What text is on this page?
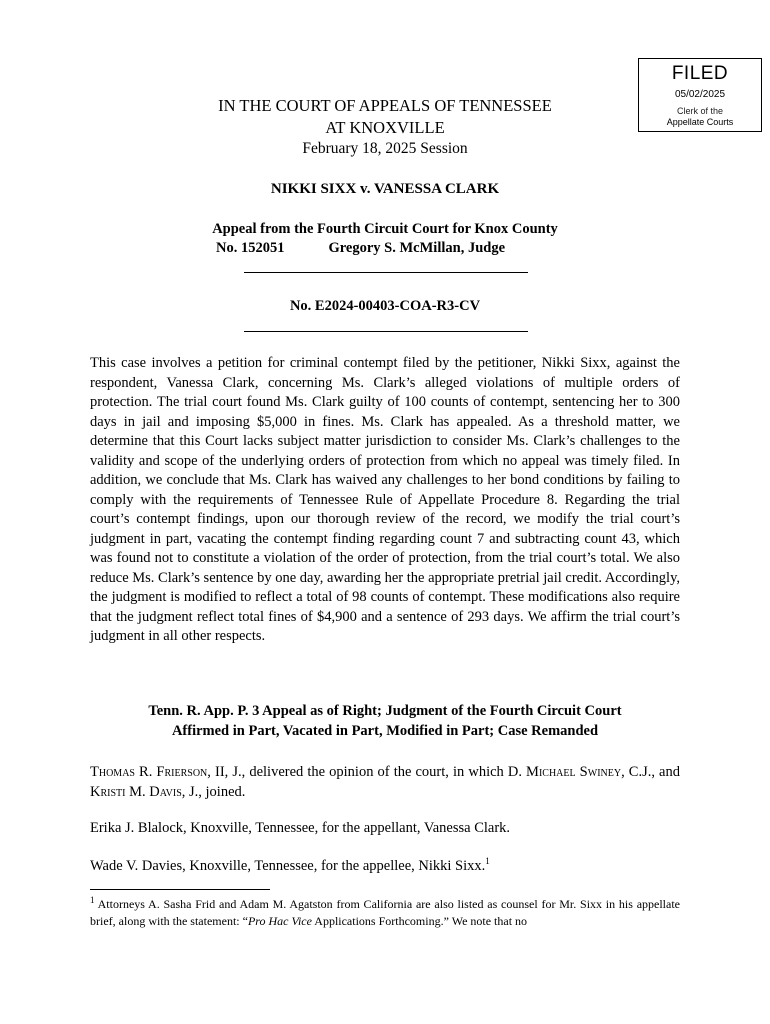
FILED
05/02/2025
Clerk of the
Appellate Courts
IN THE COURT OF APPEALS OF TENNESSEE
AT KNOXVILLE
February 18, 2025 Session
NIKKI SIXX v. VANESSA CLARK
Appeal from the Fourth Circuit Court for Knox County
No. 152051	Gregory S. McMillan, Judge
No. E2024-00403-COA-R3-CV

This case involves a petition for criminal contempt filed by the petitioner, Nikki Sixx, against the respondent, Vanessa Clark, concerning Ms. Clark’s alleged violations of multiple orders of protection. The trial court found Ms. Clark guilty of 100 counts of contempt, sentencing her to 300 days in jail and imposing $5,000 in fines. Ms. Clark has appealed. As a threshold matter, we determine that this Court lacks subject matter jurisdiction to consider Ms. Clark’s challenges to the validity and scope of the underlying orders of protection from which no appeal was timely filed. In addition, we conclude that Ms. Clark has waived any challenges to her bond conditions by failing to comply with the requirements of Tennessee Rule of Appellate Procedure 8. Regarding the trial court’s contempt findings, upon our thorough review of the record, we modify the trial court’s judgment in part, vacating the contempt finding regarding count 7 and subtracting count 43, which was found not to constitute a violation of the order of protection, from the trial court’s total. We also reduce Ms. Clark’s sentence by one day, awarding her the appropriate pretrial jail credit. Accordingly, the judgment is modified to reflect a total of 98 counts of contempt. These modifications also require that the judgment reflect total fines of $4,900 and a sentence of 293 days. We affirm the trial court’s judgment in all other respects.

Tenn. R. App. P. 3 Appeal as of Right; Judgment of the Fourth Circuit Court
Affirmed in Part, Vacated in Part, Modified in Part; Case Remanded

Thomas R. Frierson, II, J., delivered the opinion of the court, in which D. Michael Swiney, C.J., and Kristi M. Davis, J., joined.

Erika J. Blalock, Knoxville, Tennessee, for the appellant, Vanessa Clark.

Wade V. Davies, Knoxville, Tennessee, for the appellee, Nikki Sixx.$^1$

$^1$ Attorneys A. Sasha Frid and Adam M. Agatston from California are also listed as counsel for Mr. Sixx in his appellate brief, along with the statement: “Pro Hac Vice Applications Forthcoming.” We note that no
